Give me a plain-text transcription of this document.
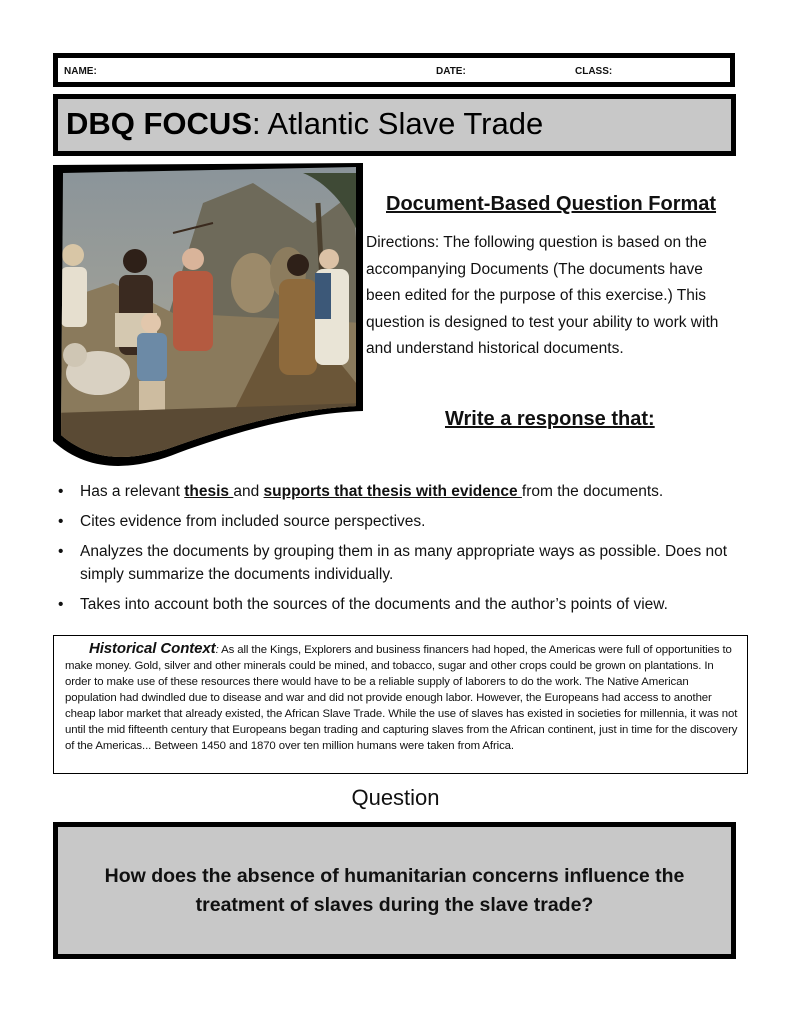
NAME:	DATE:	CLASS:
DBQ FOCUS: Atlantic Slave Trade
Document-Based Question Format
Directions: The following question is based on the accompanying Documents (The documents have been edited for the purpose of this exercise.) This question is designed to test your ability to work with and understand historical documents.
Write a response that:
• Has a relevant thesis and supports that thesis with evidence from the documents.
• Cites evidence from included source perspectives.
• Analyzes the documents by grouping them in as many appropriate ways as possible. Does not simply summarize the documents individually.
• Takes into account both the sources of the documents and the author’s points of view.
Historical Context: As all the Kings, Explorers and business financers had hoped, the Americas were full of opportunities to make money. Gold, silver and other minerals could be mined, and tobacco, sugar and other crops could be grown on plantations. In order to make use of these resources there would have to be a reliable supply of laborers to do the work. The Native American population had dwindled due to disease and war and did not provide enough labor. However, the Europeans had access to another cheap labor market that already existed, the African Slave Trade. While the use of slaves has existed in societies for millennia, it was not until the mid fifteenth century that Europeans began trading and capturing slaves from the African continent, just in time for the discovery of the Americas... Between 1450 and 1870 over ten million humans were taken from Africa.
Question

How does the absence of humanitarian concerns influence the treatment of slaves during the slave trade?
